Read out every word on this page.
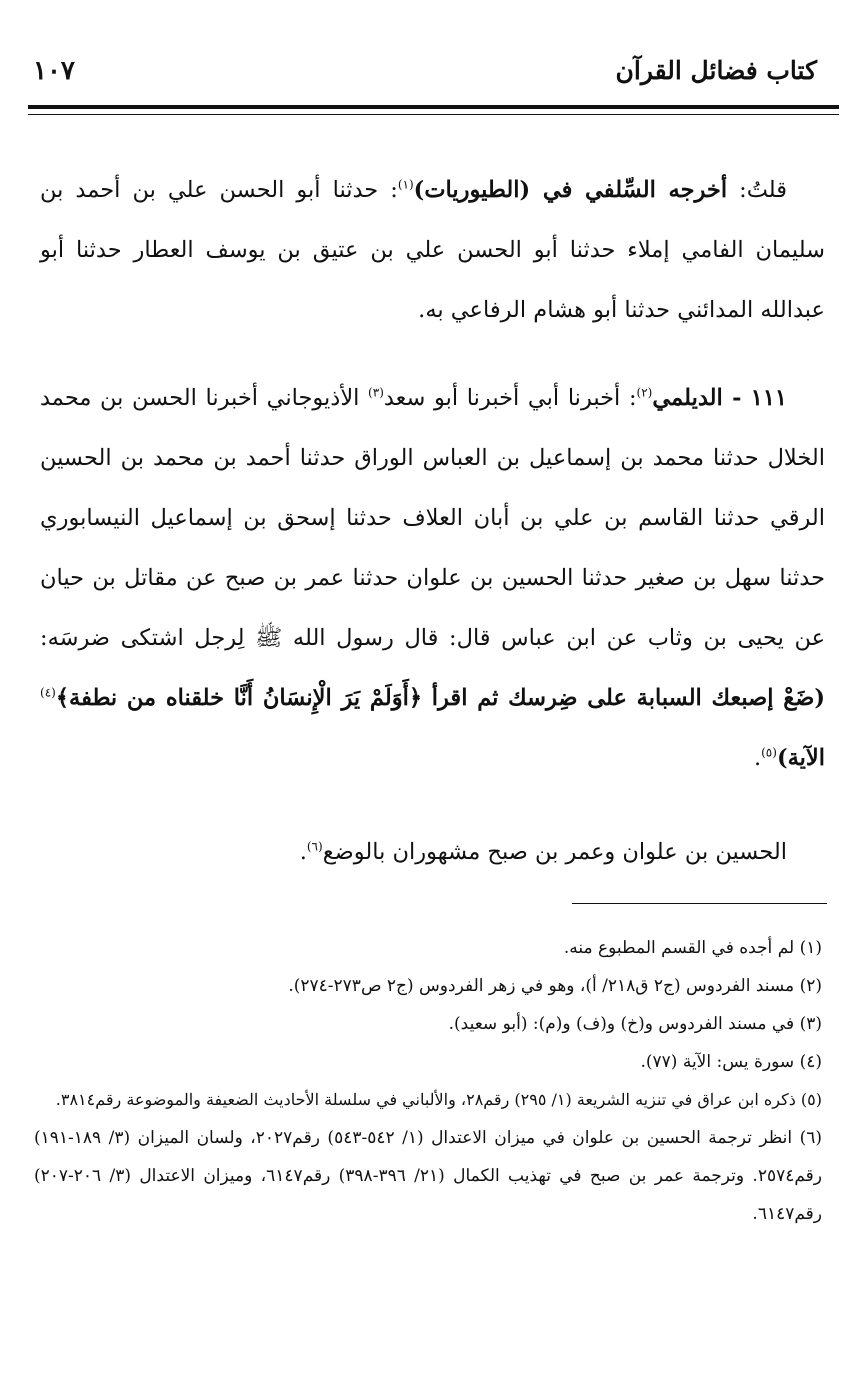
كتاب فضائل القرآن
١٠٧

قلتُ: أخرجه السِّلفي في (الطيوريات)$^{(١)}$: حدثنا أبو الحسن علي بن أحمد بن سليمان الفامي إملاء حدثنا أبو الحسن علي بن عتيق بن يوسف العطار حدثنا أبو عبدالله المدائني حدثنا أبو هشام الرفاعي به.

١١١ - الديلمي$^{(٢)}$: أخبرنا أبي أخبرنا أبو سعد$^{(٣)}$ الأذيوجاني أخبرنا الحسن بن محمد الخلال حدثنا محمد بن إسماعيل بن العباس الوراق حدثنا أحمد بن محمد بن الحسين الرقي حدثنا القاسم بن علي بن أبان العلاف حدثنا إسحق بن إسماعيل النيسابوري حدثنا سهل بن صغير حدثنا الحسين بن علوان حدثنا عمر بن صبح عن مقاتل بن حيان عن يحيى بن وثاب عن ابن عباس قال: قال رسول الله ﷺ لِرجل اشتكى ضرسَه: (ضَعْ إصبعك السبابة على ضِرسك ثم اقرأ ﴿أَوَلَمْ يَرَ الْإِنسَانُ أَنَّا خلقناه من نطفة﴾$^{(٤)}$ الآية)$^{(٥)}$.

الحسين بن علوان وعمر بن صبح مشهوران بالوضع$^{(٦)}$.

(١) لم أجده في القسم المطبوع منه.

(٢) مسند الفردوس (ج٢ ق٢١٨/ أ)، وهو في زهر الفردوس (ج٢ ص٢٧٣-٢٧٤).

(٣) في مسند الفردوس و(خ) و(ف) و(م): (أبو سعيد).

(٤) سورة يس: الآية (٧٧).

(٥) ذكره ابن عراق في تنزيه الشريعة (١/ ٢٩٥) رقم٢٨، والألباني في سلسلة الأحاديث الضعيفة والموضوعة رقم٣٨١٤.

(٦) انظر ترجمة الحسين بن علوان في ميزان الاعتدال (١/ ٥٤٢-٥٤٣) رقم٢٠٢٧، ولسان الميزان (٣/ ١٨٩-١٩١) رقم٢٥٧٤. وترجمة عمر بن صبح في تهذيب الكمال (٢١/ ٣٩٦-٣٩٨) رقم٦١٤٧، وميزان الاعتدال (٣/ ٢٠٦-٢٠٧) رقم٦١٤٧.
